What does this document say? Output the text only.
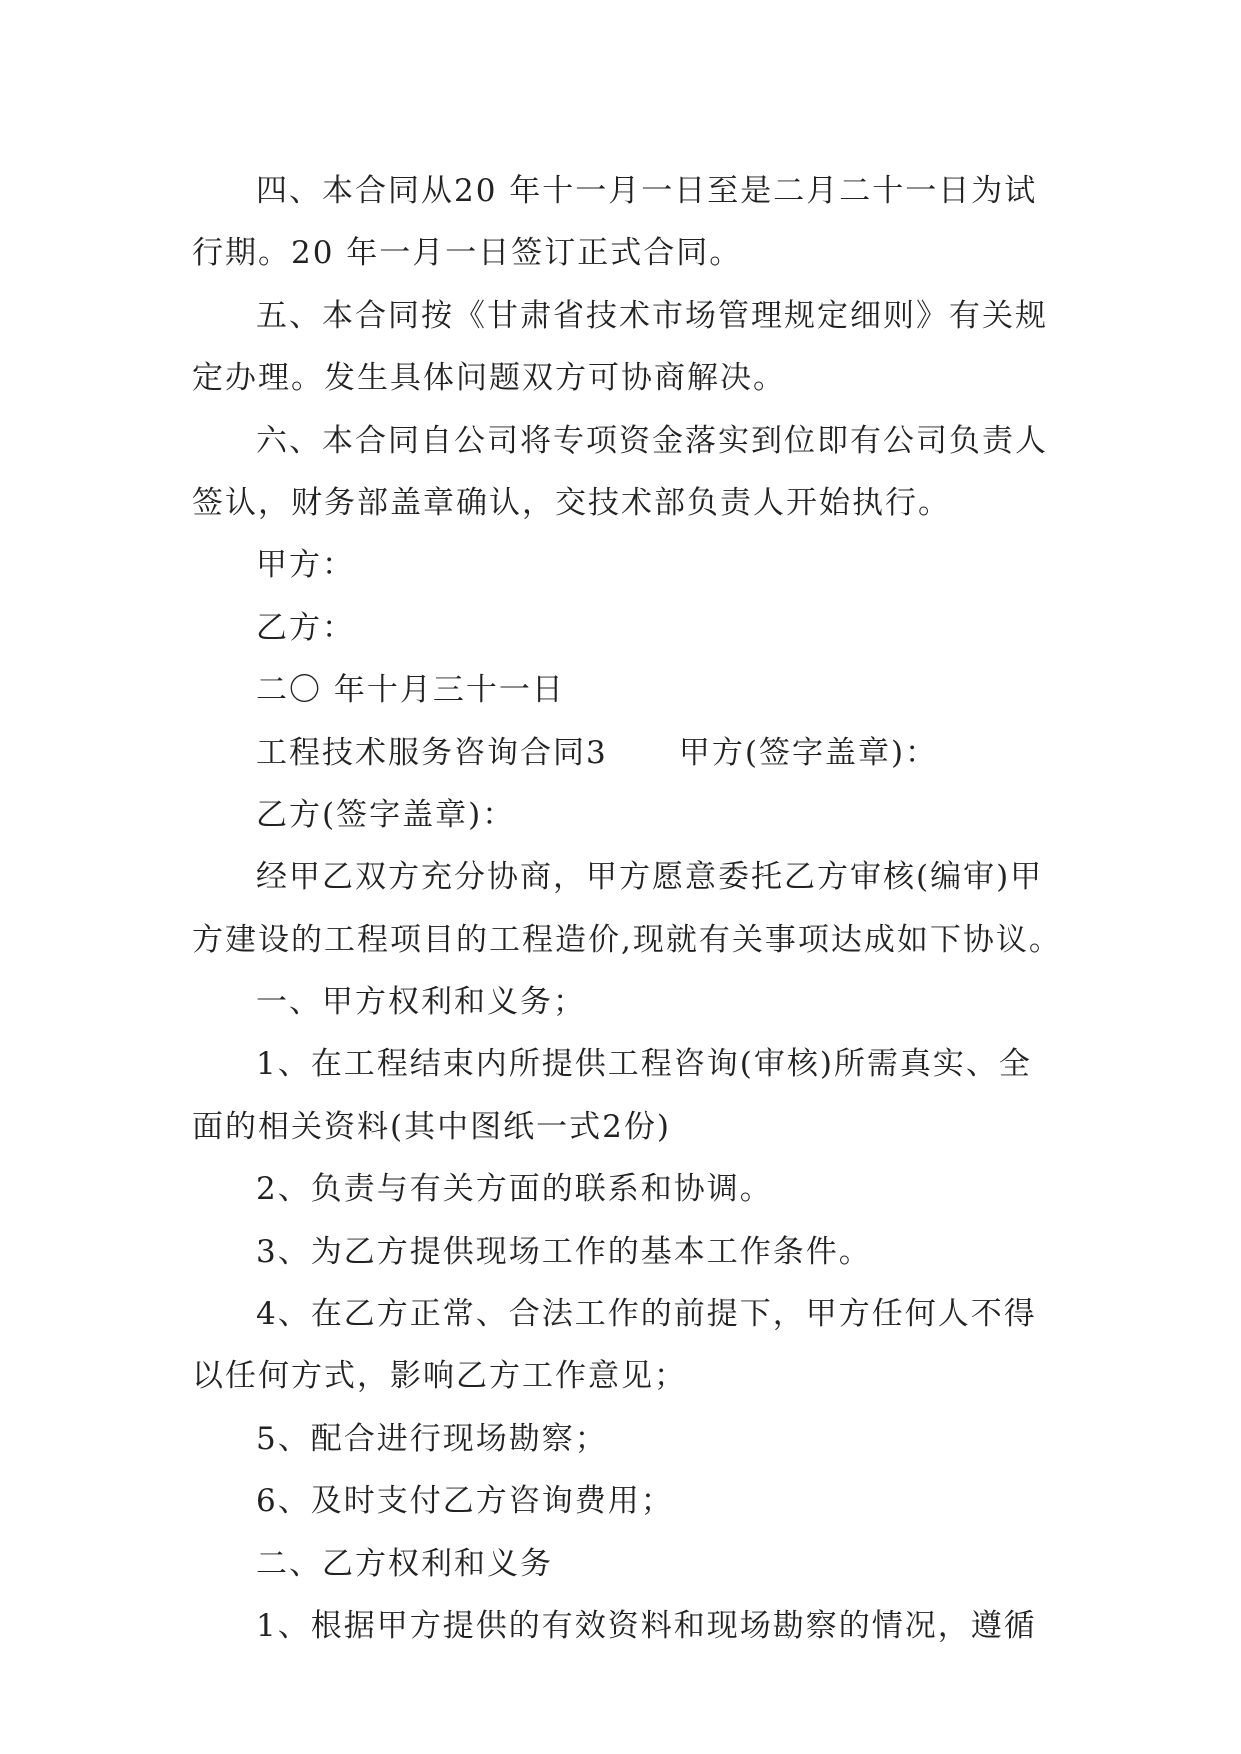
四、本合同从20 年十一月一日至是二月二十一日为试
行期。20 年一月一日签订正式合同。
五、本合同按《甘肃省技术市场管理规定细则》有关规
定办理。发生具体问题双方可协商解决。
六、本合同自公司将专项资金落实到位即有公司负责人
签认，财务部盖章确认，交技术部负责人开始执行。
甲方：
乙方：
二〇 年十月三十一日
工程技术服务咨询合同3      甲方(签字盖章)：
乙方(签字盖章)：
经甲乙双方充分协商，甲方愿意委托乙方审核(编审)甲
方建设的工程项目的工程造价,现就有关事项达成如下协议。
一、甲方权利和义务；
1、在工程结束内所提供工程咨询(审核)所需真实、全
面的相关资料(其中图纸一式2份)
2、负责与有关方面的联系和协调。
3、为乙方提供现场工作的基本工作条件。
4、在乙方正常、合法工作的前提下，甲方任何人不得
以任何方式，影响乙方工作意见；
5、配合进行现场勘察；
6、及时支付乙方咨询费用；
二、乙方权利和义务
1、根据甲方提供的有效资料和现场勘察的情况，遵循
